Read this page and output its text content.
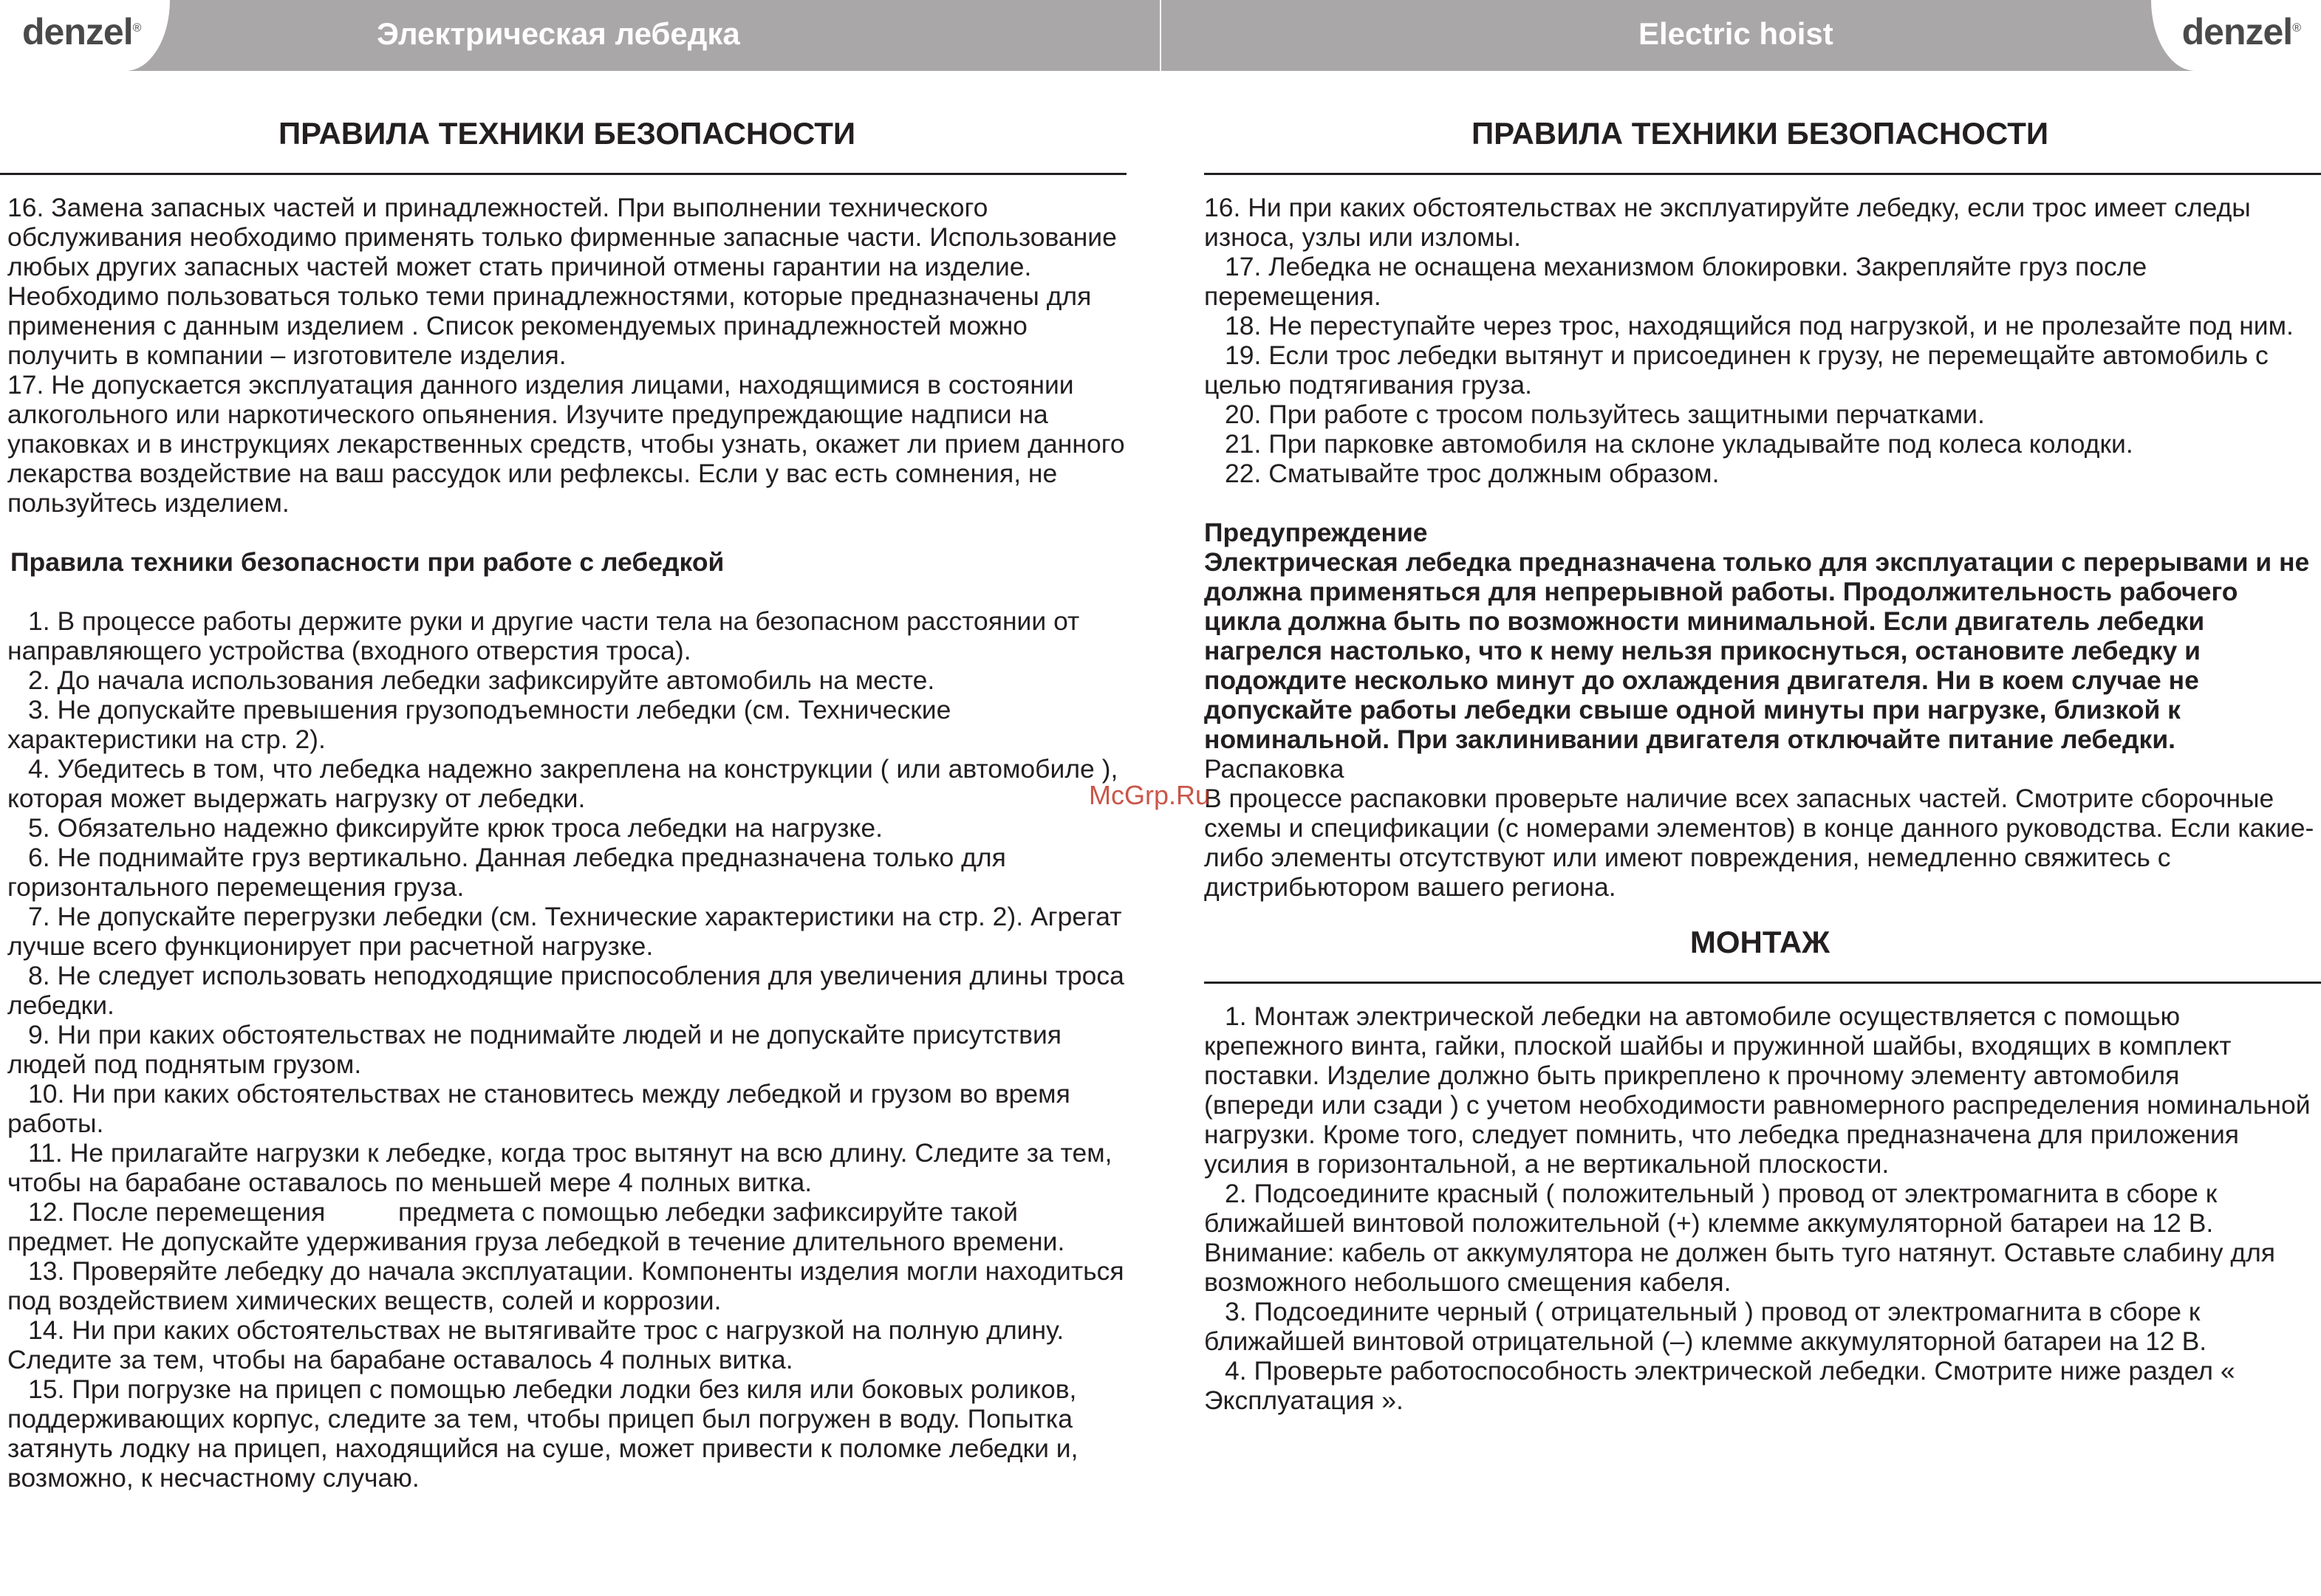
Электрическая лебедка	Electric hoist
denzel®	denzel®
ПРАВИЛА ТЕХНИКИ БЕЗОПАСНОСТИ

16. Замена запасных частей и принадлежностей. При выполнении технического обслуживания необходимо применять только фирменные запасные части. Использование любых других запасных частей может стать причиной отмены гарантии на изделие. Необходимо пользоваться только теми принадлежностями, которые предназначены для применения с данным изделием . Список рекомендуемых принадлежностей можно получить в компании – изготовителе изделия.

17. Не допускается эксплуатация данного изделия лицами, находящимися в состоянии алкогольного или наркотического опьянения. Изучите предупреждающие надписи на упаковках и в инструкциях лекарственных средств, чтобы узнать, окажет ли прием данного лекарства воздействие на ваш рассудок или рефлексы. Если у вас есть сомнения, не пользуйтесь изделием.

Правила техники безопасности при работе с лебедкой

1. В процессе работы держите руки и другие части тела на безопасном расстоянии от направляющего устройства (входного отверстия троса).

2. До начала использования лебедки зафиксируйте автомобиль на месте.

3. Не допускайте превышения грузоподъемности лебедки (см. Технические характеристики на стр. 2).

4. Убедитесь в том, что лебедка надежно закреплена на конструкции ( или автомобиле ), которая может выдержать нагрузку от лебедки.

5. Обязательно надежно фиксируйте крюк троса лебедки на нагрузке.

6. Не поднимайте груз вертикально. Данная лебедка предназначена только для горизонтального перемещения груза.

7. Не допускайте перегрузки лебедки (см. Технические характеристики на стр. 2). Агрегат лучше всего функционирует при расчетной нагрузке.

8. Не следует использовать неподходящие приспособления для увеличения длины троса лебедки.

9. Ни при каких обстоятельствах не поднимайте людей и не допускайте присутствия людей под поднятым грузом.

10. Ни при каких обстоятельствах не становитесь между лебедкой и грузом во время работы.

11. Не прилагайте нагрузки к лебедке, когда трос вытянут на всю длину. Следите за тем, чтобы на барабане оставалось по меньшей мере 4 полных витка.

12. После перемещения          предмета с помощью лебедки зафиксируйте такой предмет. Не допускайте удерживания груза лебедкой в течение длительного времени.

13. Проверяйте лебедку до начала эксплуатации. Компоненты изделия могли находиться под воздействием химических веществ, солей и коррозии.

14. Ни при каких обстоятельствах не вытягивайте трос с нагрузкой на полную длину. Следите за тем, чтобы на барабане оставалось 4 полных витка.

15. При погрузке на прицеп с помощью лебедки лодки без киля или боковых роликов, поддерживающих корпус, следите за тем, чтобы прицеп был погружен в воду. Попытка затянуть лодку на прицеп, находящийся на суше, может привести к поломке лебедки и, возможно, к несчастному случаю.

ПРАВИЛА ТЕХНИКИ БЕЗОПАСНОСТИ

16. Ни при каких обстоятельствах не эксплуатируйте лебедку, если трос имеет следы износа, узлы или изломы.

17. Лебедка не оснащена механизмом блокировки. Закрепляйте груз после перемещения.

18. Не переступайте через трос, находящийся под нагрузкой, и не пролезайте под ним.

19. Если трос лебедки вытянут и присоединен к грузу, не перемещайте автомобиль с целью подтягивания груза.

20. При работе с тросом пользуйтесь защитными перчатками.

21. При парковке автомобиля на склоне укладывайте под колеса колодки.

22. Сматывайте трос должным образом.

Предупреждение

Электрическая лебедка предназначена только для эксплуатации с перерывами и не должна применяться для непрерывной работы. Продолжительность рабочего цикла должна быть по возможности минимальной. Если двигатель лебедки нагрелся настолько, что к нему нельзя прикоснуться, остановите лебедку и подождите несколько минут до охлаждения двигателя. Ни в коем случае не допускайте работы лебедки свыше одной минуты при нагрузке, близкой к номинальной. При заклинивании двигателя отключайте питание лебедки.

Распаковка

В процессе распаковки проверьте наличие всех запасных частей. Смотрите сборочные схемы и спецификации (с номерами элементов) в конце данного руководства. Если какие-либо элементы отсутствуют или имеют повреждения, немедленно свяжитесь с дистрибьютором вашего региона.

МОНТАЖ

1. Монтаж электрической лебедки на автомобиле осуществляется с помощью крепежного винта, гайки, плоской шайбы и пружинной шайбы, входящих в комплект поставки. Изделие должно быть прикреплено к прочному элементу автомобиля

(впереди или сзади ) с учетом необходимости равномерного распределения номинальной нагрузки. Кроме того, следует помнить, что лебедка предназначена для приложения усилия в горизонтальной, а не вертикальной плоскости.

2. Подсоедините красный ( положительный ) провод от электромагнита в сборе к ближайшей винтовой положительной (+) клемме аккумуляторной батареи на 12 В. Внимание: кабель от аккумулятора не должен быть туго натянут. Оставьте слабину для возможного небольшого смещения кабеля.

3. Подсоедините черный ( отрицательный ) провод от электромагнита в сборе к ближайшей винтовой отрицательной (–) клемме аккумуляторной батареи на 12 В.

4. Проверьте работоспособность электрической лебедки. Смотрите ниже раздел « Эксплуатация ».

McGrp.Ru
